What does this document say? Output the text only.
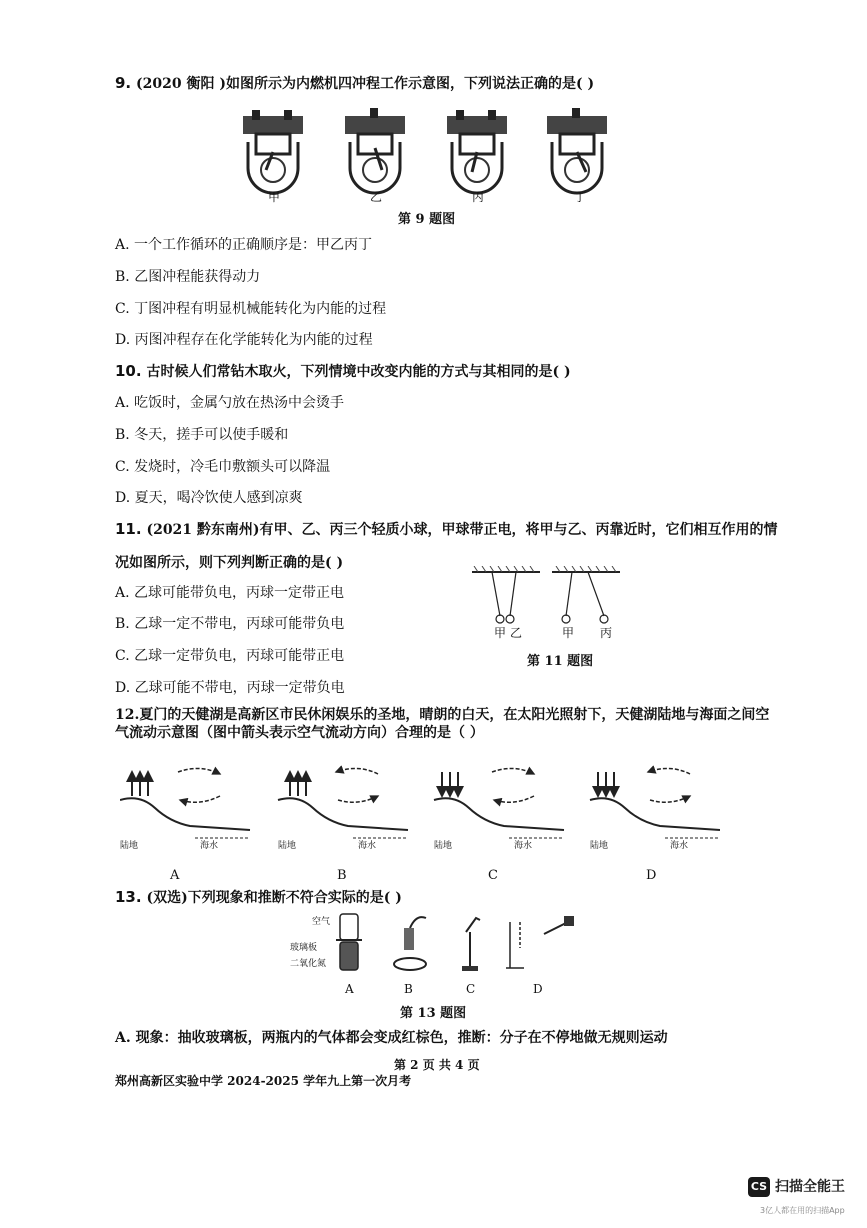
9. (2020 衡阳 )如图所示为内燃机四冲程工作示意图，下列说法正确的是( )
甲	乙	丙	丁
第 9 题图
A. 一个工作循环的正确顺序是：甲乙丙丁
B. 乙图冲程能获得动力
C. 丁图冲程有明显机械能转化为内能的过程
D. 丙图冲程存在化学能转化为内能的过程
10. 古时候人们常钻木取火，下列情境中改变内能的方式与其相同的是( )
A. 吃饭时，金属勺放在热汤中会烫手
B. 冬天，搓手可以使手暖和
C. 发烧时，冷毛巾敷额头可以降温
D. 夏天，喝冷饮使人感到凉爽
11. (2021 黔东南州)有甲、乙、丙三个轻质小球，甲球带正电，将甲与乙、丙靠近时，它们相互作用的情
况如图所示，则下列判断正确的是( )
甲 乙	甲 丙
第 11 题图
A. 乙球可能带负电，丙球一定带正电
B. 乙球一定不带电，丙球可能带负电
C. 乙球一定带负电，丙球可能带正电
D. 乙球可能不带电，丙球一定带负电
12.夏门的天健湖是高新区市民休闲娱乐的圣地，晴朗的白天，在太阳光照射下，天健湖陆地与海面之间空
气流动示意图（图中箭头表示空气流动方向）合理的是（ ）
陆地	海水	陆地	海水	陆地	海水	陆地	海水
A	B	C	D
13. (双选)下列现象和推断不符合实际的是( )
空气
玻璃板
二氧化氮
A	B	C	D
第 13 题图
A. 现象：抽收玻璃板，两瓶内的气体都会变成红棕色，推断：分子在不停地做无规则运动
第 2 页 共 4 页
郑州高新区实验中学 2024-2025 学年九上第一次月考
CS 扫描全能王
3亿人都在用的扫描App
